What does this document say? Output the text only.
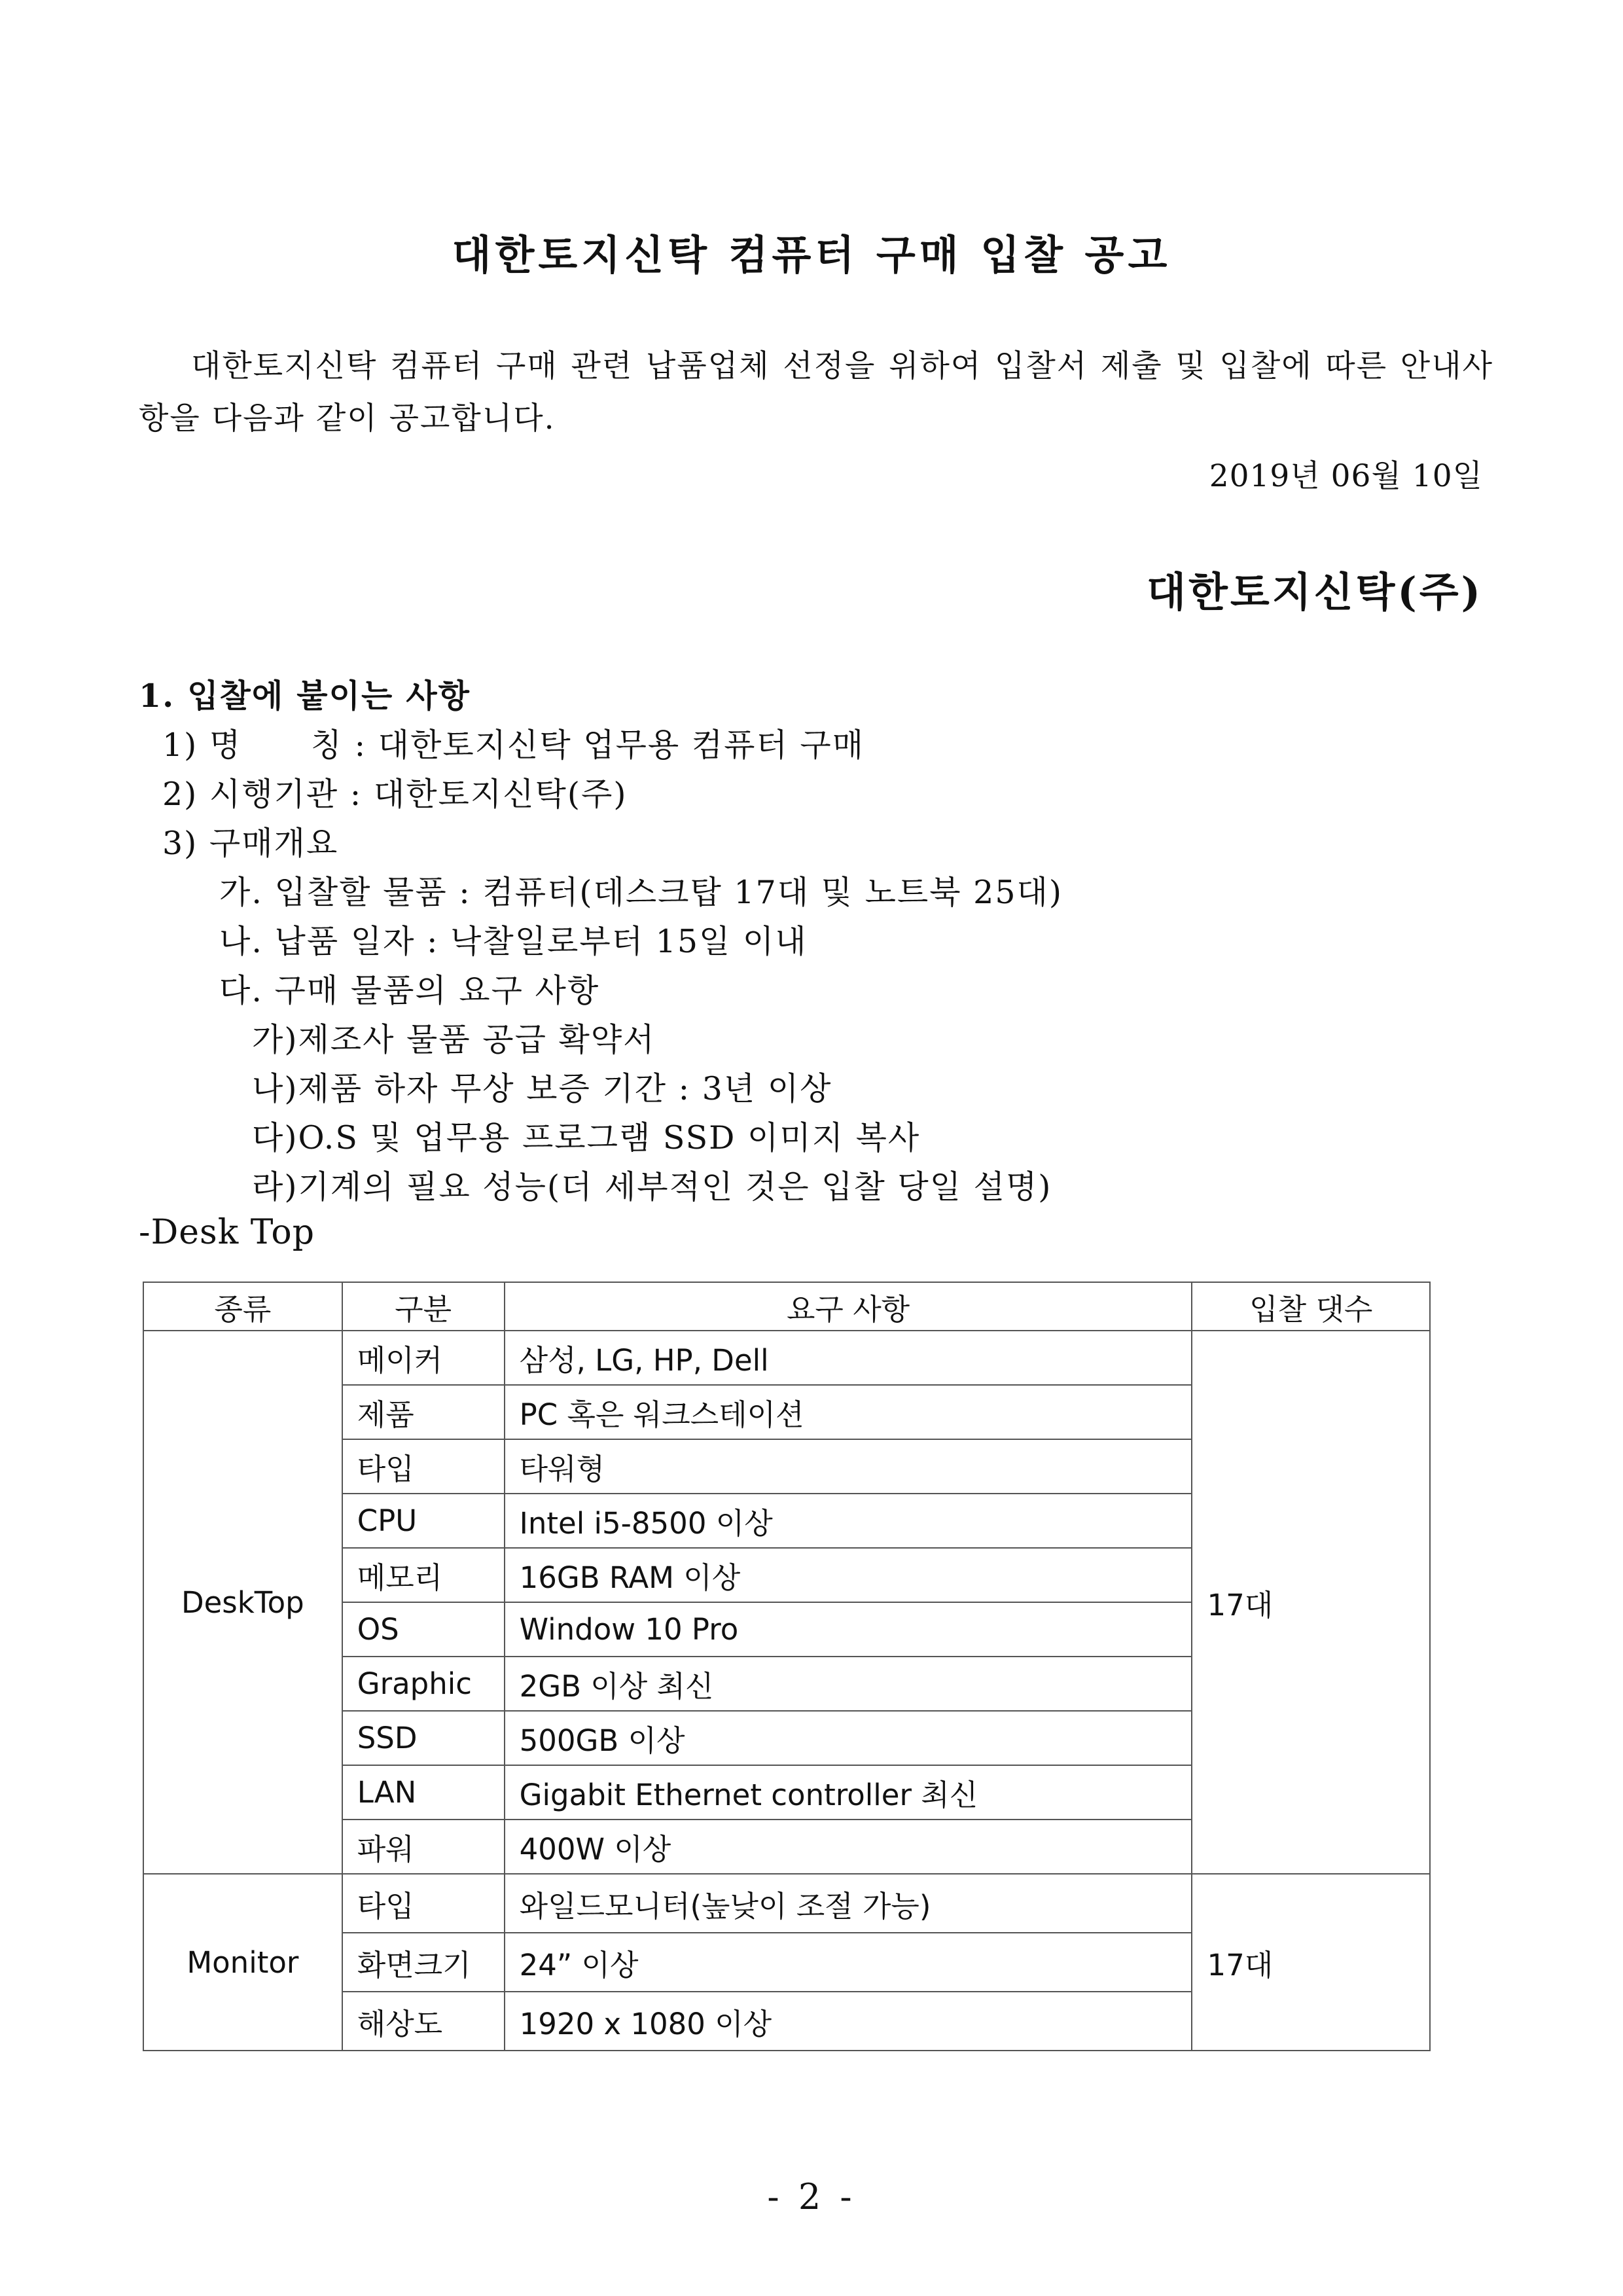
대한토지신탁 컴퓨터 구매 입찰 공고
대한토지신탁 컴퓨터 구매 관련 납품업체 선정을 위하여 입찰서 제출 및 입찰에 따른 안내사항을 다음과 같이 공고합니다.
2019년 06월 10일
대한토지신탁(주)
1. 입찰에 붙이는 사항
1) 명      칭 : 대한토지신탁 업무용 컴퓨터 구매
2) 시행기관 : 대한토지신탁(주)
3) 구매개요
가. 입찰할 물품 : 컴퓨터(데스크탑 17대 및 노트북 25대)
나. 납품 일자 : 낙찰일로부터 15일 이내
다. 구매 물품의 요구 사항
가)제조사 물품 공급 확약서
나)제품 하자 무상 보증 기간 : 3년 이상
다)O.S 및 업무용 프로그램 SSD 이미지 복사
라)기계의 필요 성능(더 세부적인 것은 입찰 당일 설명)
-Desk Top
종류	구분	요구 사항	입찰 댓수
DeskTop	메이커	삼성, LG, HP, Dell	17대
	제품	PC 혹은 워크스테이션	
	타입	타워형	
	CPU	Intel i5-8500 이상	
	메모리	16GB RAM 이상	
	OS	Window 10 Pro	
	Graphic	2GB 이상 최신	
	SSD	500GB 이상	
	LAN	Gigabit Ethernet controller 최신	
	파워	400W 이상	
Monitor	타입	와일드모니터(높낮이 조절 가능)	17대
	화면크기	24” 이상	
	해상도	1920 x 1080 이상	
- 2 -
